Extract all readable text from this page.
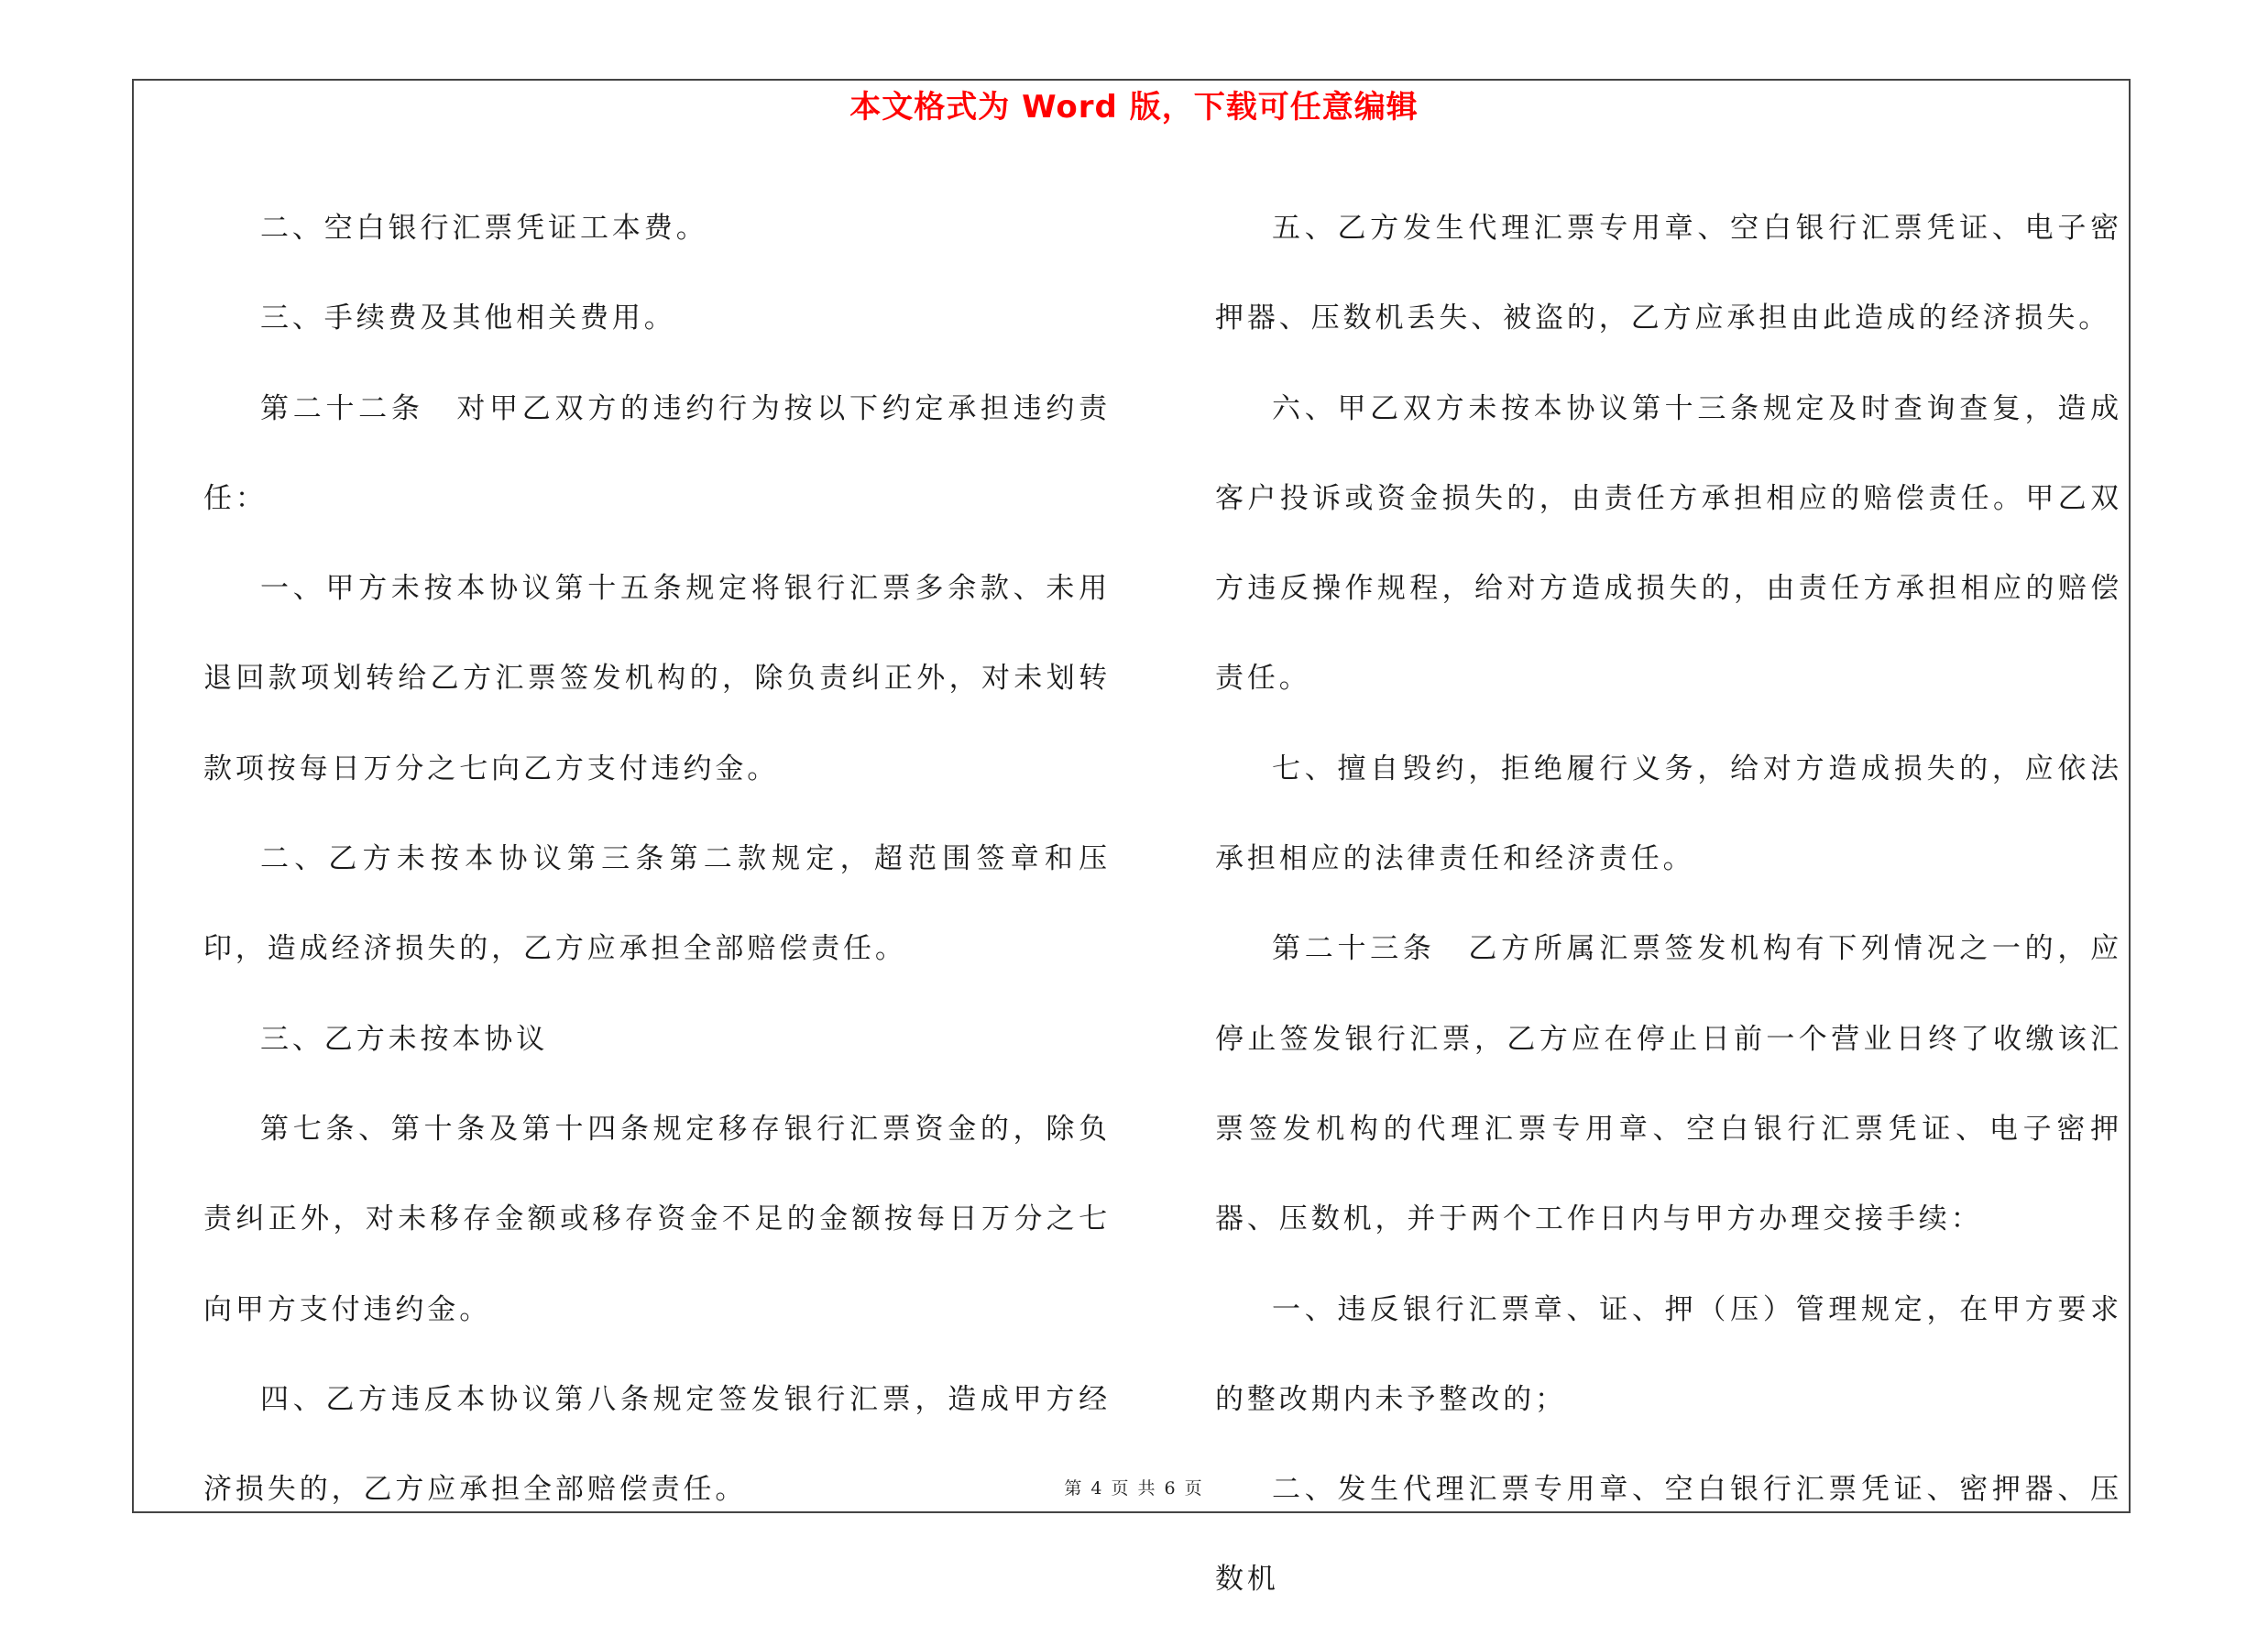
本文格式为 Word 版，下载可任意编辑

二、空白银行汇票凭证工本费。

三、手续费及其他相关费用。

第二十二条　对甲乙双方的违约行为按以下约定承担违约责任：

一、甲方未按本协议第十五条规定将银行汇票多余款、未用退回款项划转给乙方汇票签发机构的，除负责纠正外，对未划转款项按每日万分之七向乙方支付违约金。

二、乙方未按本协议第三条第二款规定，超范围签章和压印，造成经济损失的，乙方应承担全部赔偿责任。

三、乙方未按本协议

第七条、第十条及第十四条规定移存银行汇票资金的，除负责纠正外，对未移存金额或移存资金不足的金额按每日万分之七向甲方支付违约金。

四、乙方违反本协议第八条规定签发银行汇票，造成甲方经济损失的，乙方应承担全部赔偿责任。

五、乙方发生代理汇票专用章、空白银行汇票凭证、电子密押器、压数机丢失、被盗的，乙方应承担由此造成的经济损失。

六、甲乙双方未按本协议第十三条规定及时查询查复，造成客户投诉或资金损失的，由责任方承担相应的赔偿责任。甲乙双方违反操作规程，给对方造成损失的，由责任方承担相应的赔偿责任。

七、擅自毁约，拒绝履行义务，给对方造成损失的，应依法承担相应的法律责任和经济责任。

第二十三条　乙方所属汇票签发机构有下列情况之一的，应停止签发银行汇票，乙方应在停止日前一个营业日终了收缴该汇票签发机构的代理汇票专用章、空白银行汇票凭证、电子密押器、压数机，并于两个工作日内与甲方办理交接手续：

一、违反银行汇票章、证、押（压）管理规定，在甲方要求的整改期内未予整改的；

二、发生代理汇票专用章、空白银行汇票凭证、密押器、压数机

第 4 页 共 6 页
